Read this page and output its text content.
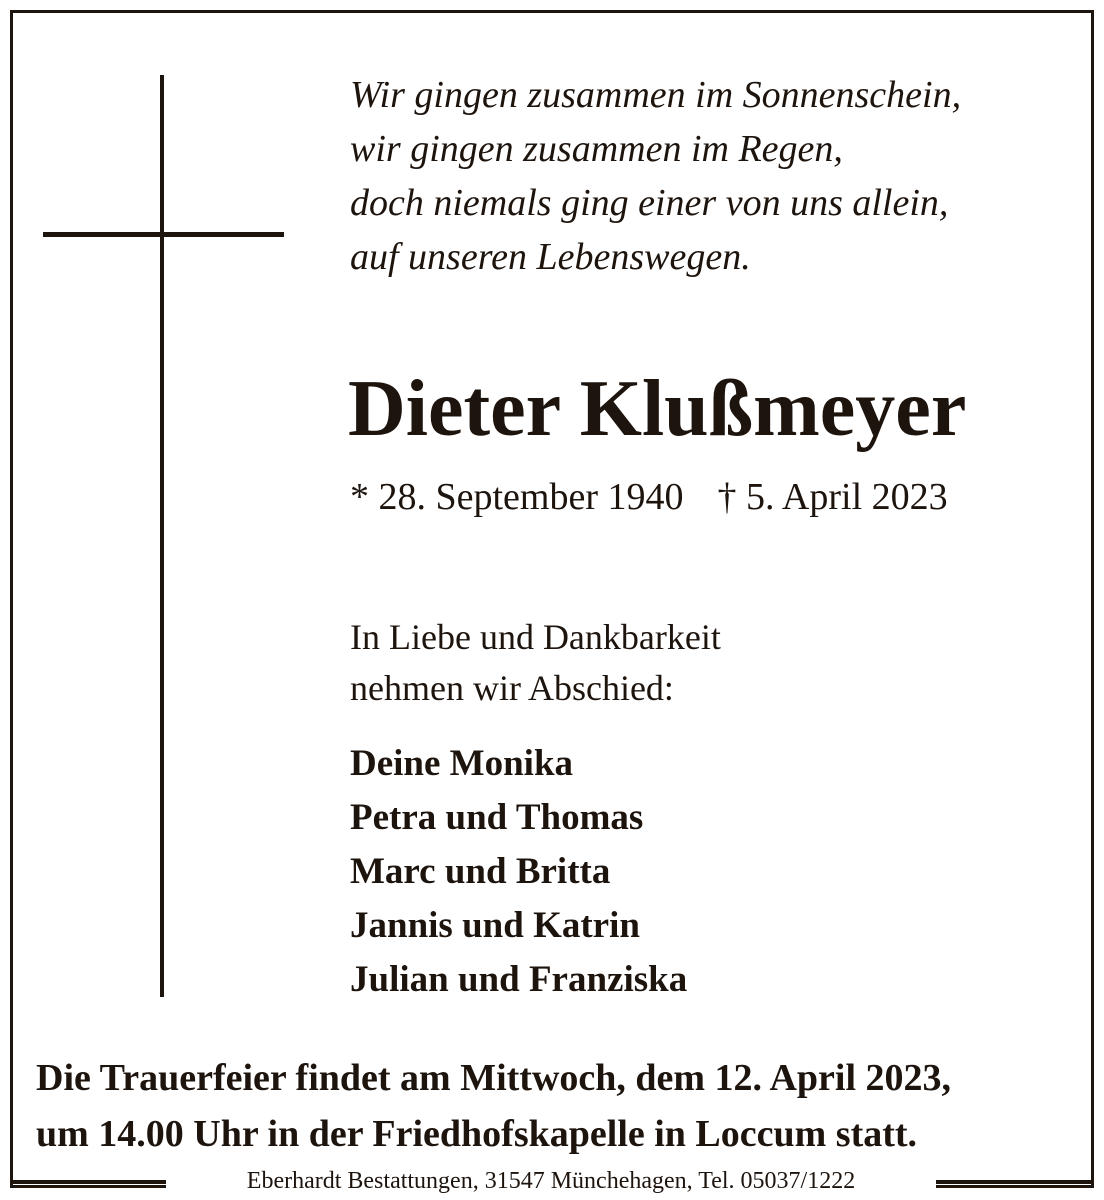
Wir gingen zusammen im Sonnenschein,
wir gingen zusammen im Regen,
doch niemals ging einer von uns allein,
auf unseren Lebenswegen.
Dieter Klußmeyer
* 28. September 1940 † 5. April 2023
In Liebe und Dankbarkeit
nehmen wir Abschied:
Deine Monika
Petra und Thomas
Marc und Britta
Jannis und Katrin
Julian und Franziska
Die Trauerfeier findet am Mittwoch, dem 12. April 2023,
um 14.00 Uhr in der Friedhofskapelle in Loccum statt.
Eberhardt Bestattungen, 31547 Münchehagen, Tel. 05037/1222
